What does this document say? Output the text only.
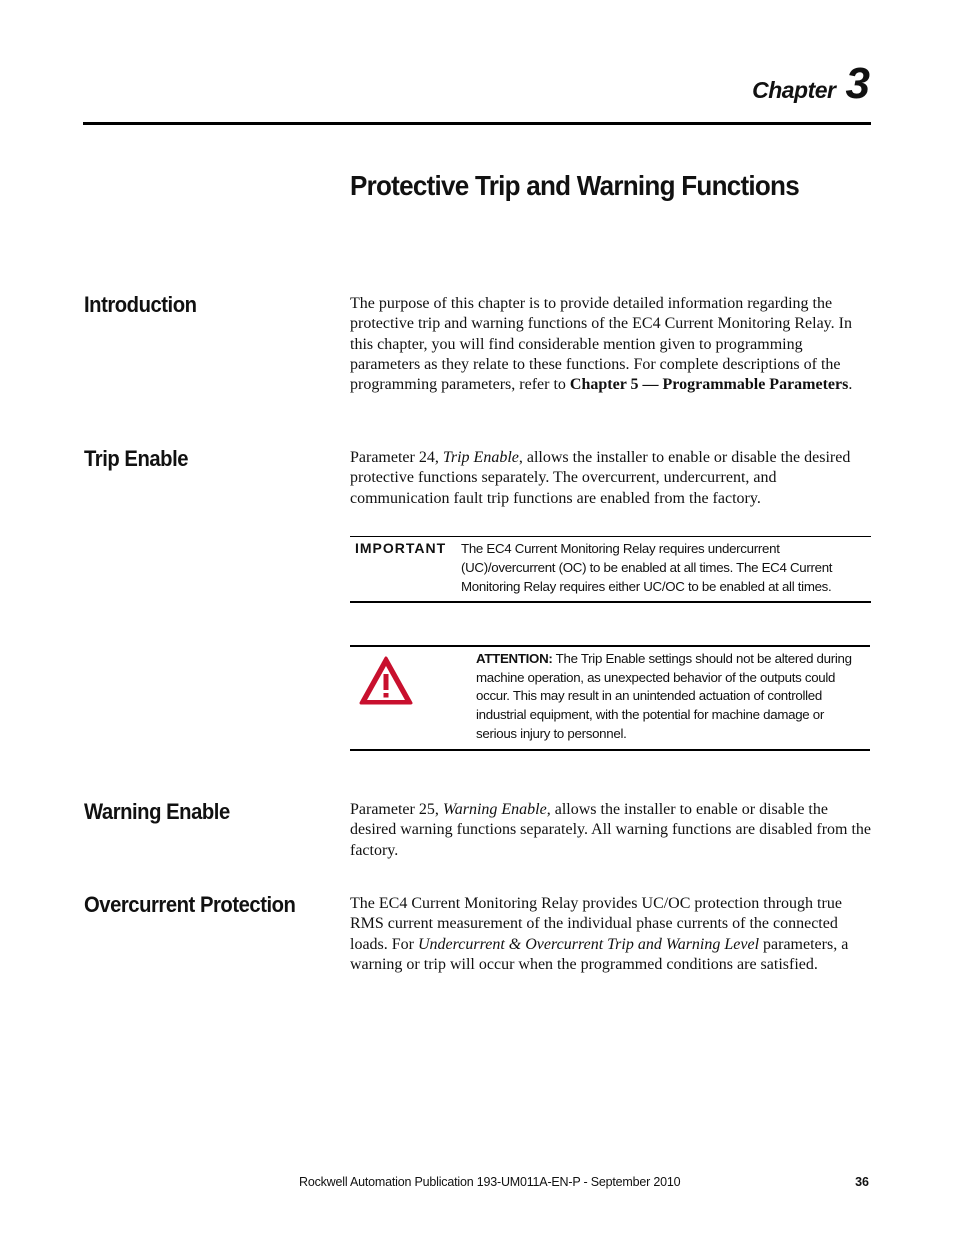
Chapter 3
Protective Trip and Warning Functions
Introduction	The purpose of this chapter is to provide detailed information regarding the protective trip and warning functions of the EC4 Current Monitoring Relay. In this chapter, you will find considerable mention given to programming parameters as they relate to these functions. For complete descriptions of the programming parameters, refer to Chapter 5 — Programmable Parameters.

Trip Enable	Parameter 24, Trip Enable, allows the installer to enable or disable the desired protective functions separately. The overcurrent, undercurrent, and communication fault trip functions are enabled from the factory.

IMPORTANT The EC4 Current Monitoring Relay requires undercurrent (UC)/overcurrent (OC) to be enabled at all times. The EC4 Current Monitoring Relay requires either UC/OC to be enabled at all times.
ATTENTION: The Trip Enable settings should not be altered during machine operation, as unexpected behavior of the outputs could occur. This may result in an unintended actuation of controlled industrial equipment, with the potential for machine damage or serious injury to personnel.
Warning Enable	Parameter 25, Warning Enable, allows the installer to enable or disable the desired warning functions separately. All warning functions are disabled from the factory.

Overcurrent Protection	The EC4 Current Monitoring Relay provides UC/OC protection through true RMS current measurement of the individual phase currents of the connected loads. For Undercurrent & Overcurrent Trip and Warning Level parameters, a warning or trip will occur when the programmed conditions are satisfied.

Rockwell Automation Publication 193-UM011A-EN-P - September 2010	36
